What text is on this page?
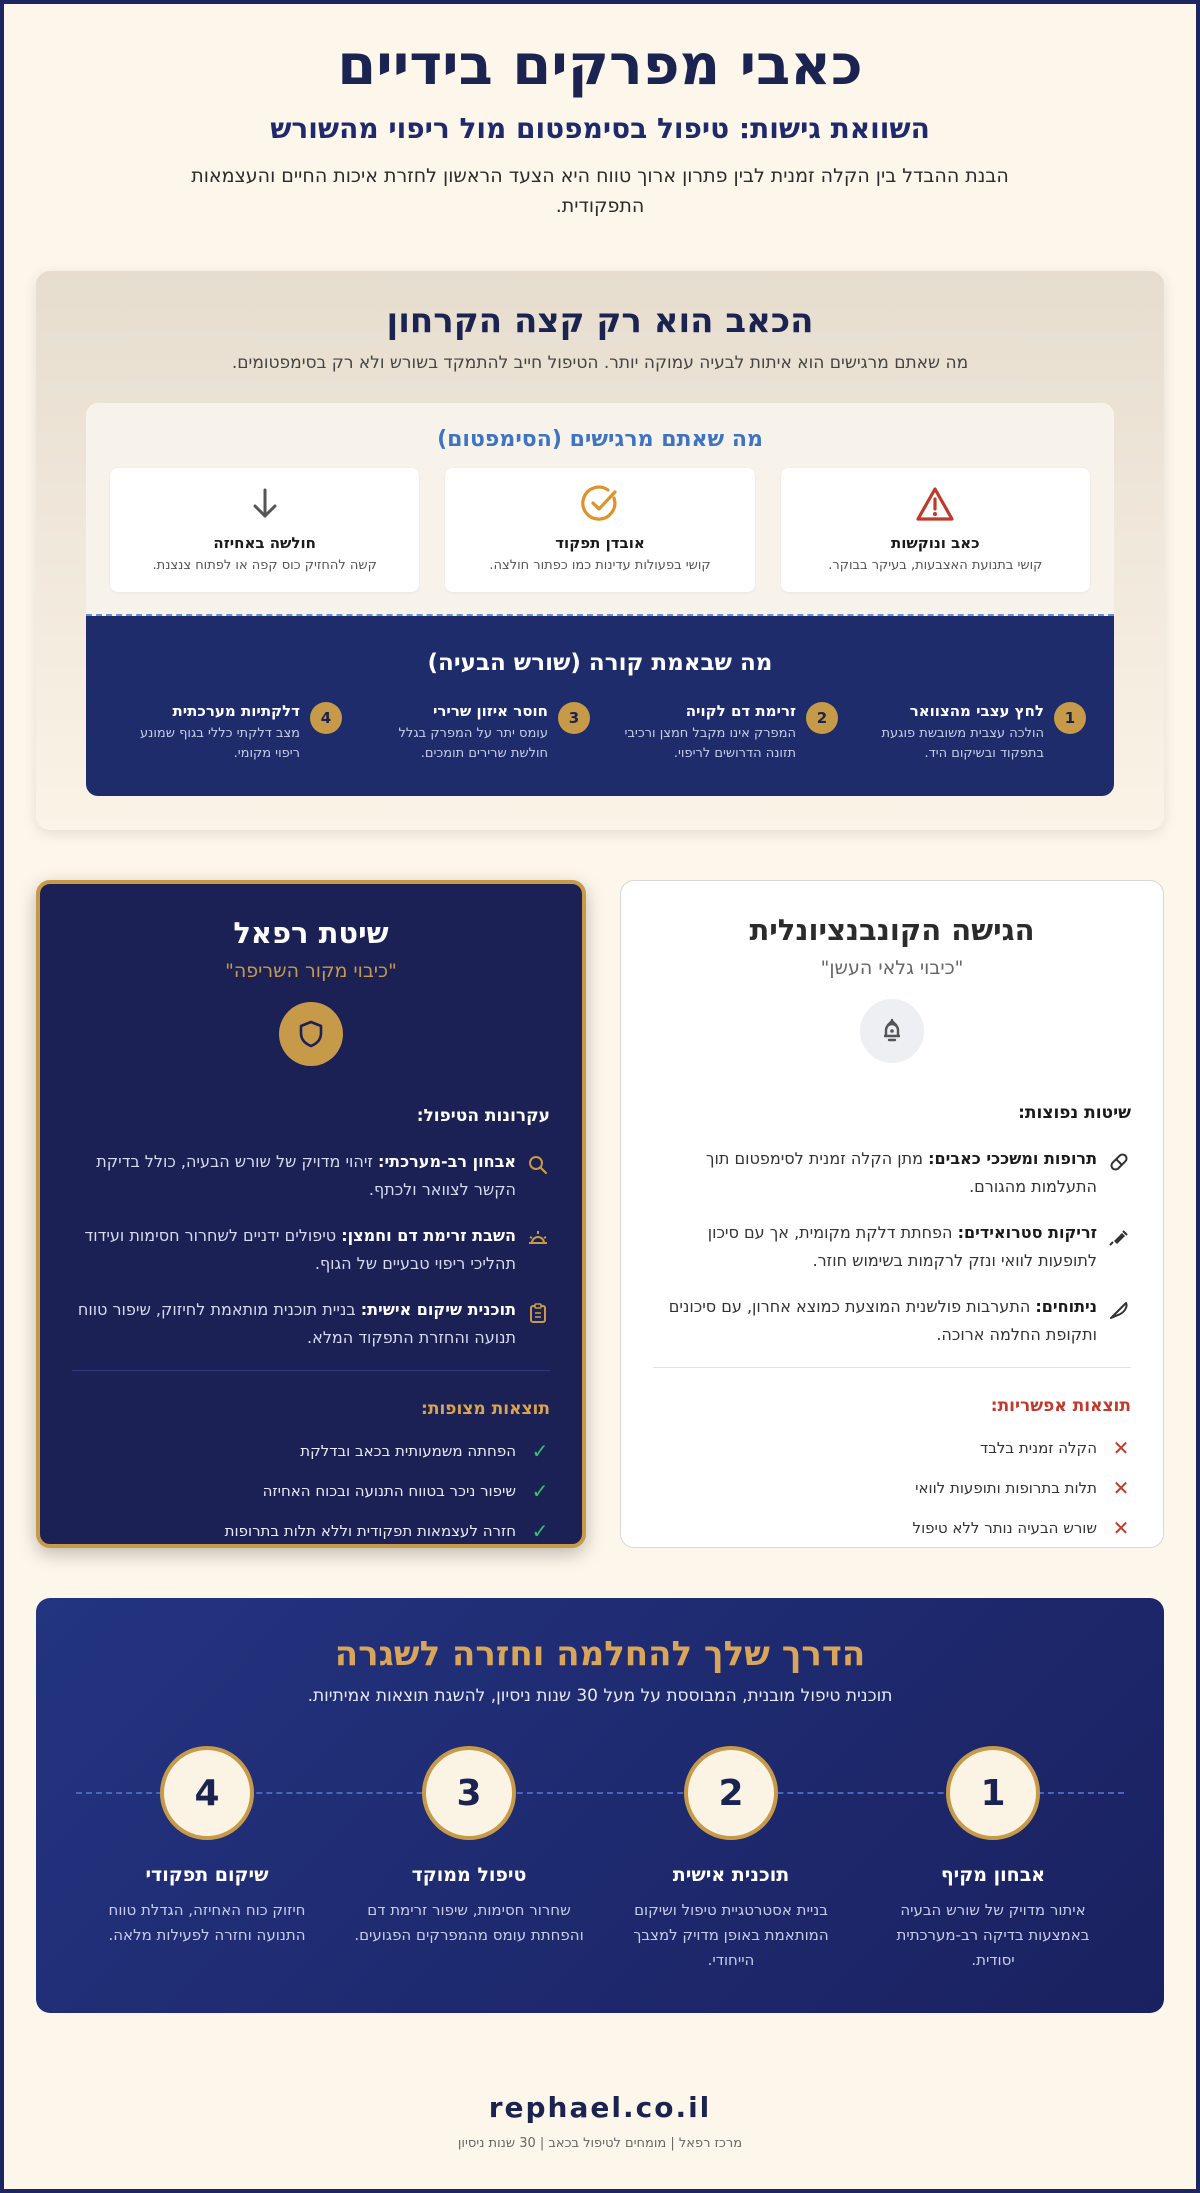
כאבי מפרקים בידיים
השוואת גישות: טיפול בסימפטום מול ריפוי מהשורש

הבנת ההבדל בין הקלה זמנית לבין פתרון ארוך טווח היא הצעד הראשון לחזרת איכות החיים והעצמאות התפקודית.

הכאב הוא רק קצה הקרחון
מה שאתם מרגישים הוא איתות לבעיה עמוקה יותר. הטיפול חייב להתמקד בשורש ולא רק בסימפטומים.
מה שאתם מרגישים (הסימפטום)
כאב ונוקשות
קושי בתנועת האצבעות, בעיקר בבוקר.
אובדן תפקוד
קושי בפעולות עדינות כמו כפתור חולצה.
חולשה באחיזה
קשה להחזיק כוס קפה או לפתוח צנצנת.
מה שבאמת קורה (שורש הבעיה)
1
לחץ עצבי מהצוואר
הולכה עצבית משובשת פוגעת בתפקוד ובשיקום היד.
2
זרימת דם לקויה
המפרק אינו מקבל חמצן ורכיבי תזונה הדרושים לריפוי.
3
חוסר איזון שרירי
עומס יתר על המפרק בגלל חולשת שרירים תומכים.
4
דלקתיות מערכתית
מצב דלקתי כללי בגוף שמונע ריפוי מקומי.
הגישה הקונבנציונלית
"כיבוי גלאי העשן"
שיטות נפוצות:
תרופות ומשככי כאבים: מתן הקלה זמנית לסימפטום תוך התעלמות מהגורם.
זריקות סטרואידים: הפחתת דלקת מקומית, אך עם סיכון לתופעות לוואי ונזק לרקמות בשימוש חוזר.
ניתוחים: התערבות פולשנית המוצעת כמוצא אחרון, עם סיכונים ותקופת החלמה ארוכה.
תוצאות אפשריות:
✕
הקלה זמנית בלבד
✕
תלות בתרופות ותופעות לוואי
✕
שורש הבעיה נותר ללא טיפול
שיטת רפאל
"כיבוי מקור השריפה"
עקרונות הטיפול:
אבחון רב-מערכתי: זיהוי מדויק של שורש הבעיה, כולל בדיקת הקשר לצוואר ולכתף.
השבת זרימת דם וחמצן: טיפולים ידניים לשחרור חסימות ועידוד תהליכי ריפוי טבעיים של הגוף.
תוכנית שיקום אישית: בניית תוכנית מותאמת לחיזוק, שיפור טווח תנועה והחזרת התפקוד המלא.
תוצאות מצופות:
✓
הפחתה משמעותית בכאב ובדלקת
✓
שיפור ניכר בטווח התנועה ובכוח האחיזה
✓
חזרה לעצמאות תפקודית וללא תלות בתרופות
הדרך שלך להחלמה וחזרה לשגרה
תוכנית טיפול מובנית, המבוססת על מעל 30 שנות ניסיון, להשגת תוצאות אמיתיות.
1
אבחון מקיף
איתור מדויק של שורש הבעיה באמצעות בדיקה רב-מערכתית יסודית.
2
תוכנית אישית
בניית אסטרטגיית טיפול ושיקום המותאמת באופן מדויק למצבך הייחודי.
3
טיפול ממוקד
שחרור חסימות, שיפור זרימת דם והפחתת עומס מהמפרקים הפגועים.
4
שיקום תפקודי
חיזוק כוח האחיזה, הגדלת טווח התנועה וחזרה לפעילות מלאה.
rephael.co.il
מרכז רפאל | מומחים לטיפול בכאב | 30 שנות ניסיון
